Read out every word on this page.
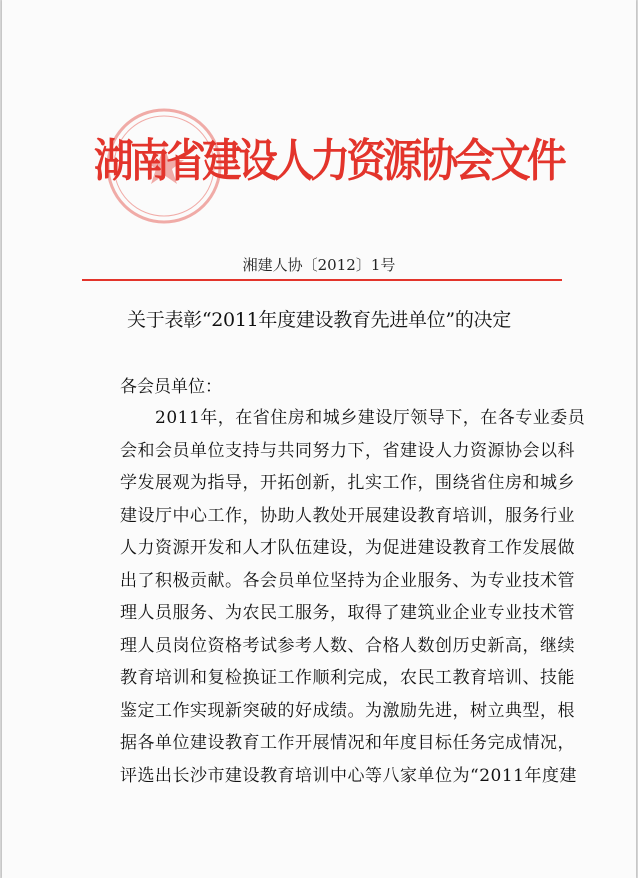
湖南省建设人力资源协会文件
湘建人协〔2012〕1号
关于表彰“2011年度建设教育先进单位”的决定
各会员单位：
　　2011年，在省住房和城乡建设厅领导下，在各专业委员
会和会员单位支持与共同努力下，省建设人力资源协会以科
学发展观为指导，开拓创新，扎实工作，围绕省住房和城乡
建设厅中心工作，协助人教处开展建设教育培训，服务行业
人力资源开发和人才队伍建设，为促进建设教育工作发展做
出了积极贡献。各会员单位坚持为企业服务、为专业技术管
理人员服务、为农民工服务，取得了建筑业企业专业技术管
理人员岗位资格考试参考人数、合格人数创历史新高，继续
教育培训和复检换证工作顺利完成，农民工教育培训、技能
鉴定工作实现新突破的好成绩。为激励先进，树立典型，根
据各单位建设教育工作开展情况和年度目标任务完成情况，
评选出长沙市建设教育培训中心等八家单位为“2011年度建
